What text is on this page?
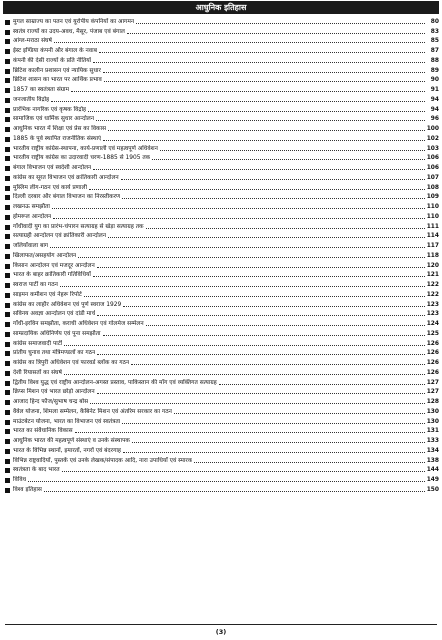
आधुनिक इतिहास
मुगल साम्राज्य का पतन एवं यूरोपीय कंपनियों का आगमन	80
स्वतंत्र राज्यों का उदय-अवध, मैसूर, पंजाब एवं बंगाल	83
आंग्ल-मराठा संघर्ष	85
ईस्ट इण्डिया कंपनी और बंगाल के नवाब	87
कंपनी की देसी राज्यों के प्रति नीतियाँ	88
ब्रिटिश कालीन प्रशासन एवं न्यायिक सुधार	89
ब्रिटिश शासन का भारत पर आर्थिक प्रभाव	90
1857 का स्वतंत्रता संग्राम	91
जनजातीय विद्रोह	94
प्रारंभिक नागरिक एवं कृषक विद्रोह	94
सामाजिक एवं धार्मिक सुधार आन्दोलन	96
आधुनिक भारत में शिक्षा एवं प्रेस का विकास	100
1885 के पूर्व स्थापित राजनीतिक संस्थाएं	102
भारतीय राष्ट्रीय कांग्रेस-स्थापना, कार्य-प्रणाली एवं महत्वपूर्ण अधिवेशन	103
भारतीय राष्ट्रीय कांग्रेस का उदारवादी चरण-1885 से 1905 तक	106
बंगाल विभाजन एवं स्वदेशी आन्दोलन	106
कांग्रेस का सूरत विभाजन एवं क्रांतिकारी आन्दोलन	107
मुस्लिम लीग-गठन एवं कार्य प्रणाली	108
दिल्ली दरबार और बंगाल विभाजन का निरस्तीकरण	109
लखनऊ समझौता	110
होमरूल आन्दोलन	110
गाँधीवादी युग का प्रारंभ-चंपारन सत्याग्रह से खेड़ा सत्याग्रह तक	111
सत्याग्रही आन्दोलन एवं क्रांतिकारी आन्दोलन	114
जलियाँवाला बाग	117
खिलाफत/असहयोग आन्दोलन	118
किसान आन्दोलन एवं मजदूर आन्दोलन	120
भारत के बाहर क्रांतिकारी गतिविधियाँ	121
स्वराज पार्टी का गठन	122
साइमन कमीशन एवं नेहरू रिपोर्ट	122
कांग्रेस का लाहौर अधिवेशन एवं पूर्ण स्वराज 1929	123
सविनय अवज्ञा आन्दोलन एवं दांडी मार्च	123
गाँधी-इरविन समझौता, कराची अधिवेशन एवं गोलमेज सम्मेलन	124
साम्प्रदायिक अधिनिर्णय एवं पूना समझौता	125
कांग्रेस समाजवादी पार्टी	126
प्रांतीय चुनाव तथा मंत्रिमण्डलों का गठन	126
कांग्रेस का त्रिपुरी अधिवेशन एवं फारवर्ड ब्लॉक का गठन	126
देशी रियासतों का संघर्ष	126
द्वितीय विश्व युद्ध एवं राष्ट्रीय आन्दोलन-अगस्त प्रस्ताव, पाकिस्तान की माँग एवं व्यक्तिगत सत्याग्रह	127
क्रिप्स मिशन एवं भारत छोड़ो आन्दोलन	127
आजाद हिन्द फौज/सुभाष चन्द्र बोस	128
वैवेल योजना, शिमला सम्मेलन, कैबिनेट मिशन एवं अंतरिम सरकार का गठन	130
माउंटबेटन योजना, भारत का विभाजन एवं स्वतंत्रता	130
भारत का संवैधानिक विकास	131
आधुनिक भारत की महत्वपूर्ण संस्थाएं व उनके संस्थापक	133
भारत के विभिन्न स्थानों, इमारतों, नगरों एवं बंदरगाह	134
विभिन्न राष्ट्रवादियों, पुस्तकें एवं उनके लेखक/संपादक आदि, नारा उपाधियाँ एवं स्मारक	138
स्वतंत्रता के बाद भारत	144
विविध	149
विश्व इतिहास	150
(3)
